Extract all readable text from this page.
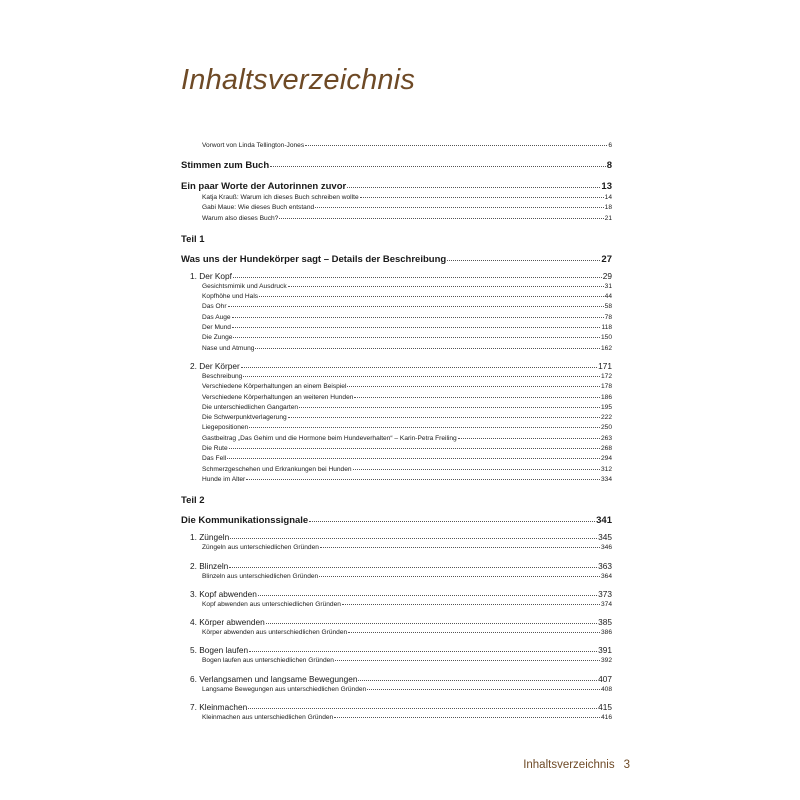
Inhaltsverzeichnis
Vorwort von Linda Tellington-Jones	6
Stimmen zum Buch	8
Ein paar Worte der Autorinnen zuvor	13
Katja Krauß: Warum ich dieses Buch schreiben wollte	14
Gabi Maue: Wie dieses Buch entstand	18
Warum also dieses Buch?	21
Teil 1
Was uns der Hundekörper sagt – Details der Beschreibung	27
1. Der Kopf	29
Gesichtsmimik und Ausdruck	31
Kopfhöhe und Hals	44
Das Ohr	58
Das Auge	78
Der Mund	118
Die Zunge	150
Nase und Atmung	162
2. Der Körper	171
Beschreibung	172
Verschiedene Körperhaltungen an einem Beispiel	178
Verschiedene Körperhaltungen an weiteren Hunden	186
Die unterschiedlichen Gangarten	195
Die Schwerpunktverlagerung	222
Liegepositionen	250
Gastbeitrag „Das Gehirn und die Hormone beim Hundeverhalten“ – Karin-Petra Freiling	263
Die Rute	268
Das Fell	294
Schmerzgeschehen und Erkrankungen bei Hunden	312
Hunde im Alter	334
Teil 2
Die Kommunikationssignale	341
1. Züngeln	345
Züngeln aus unterschiedlichen Gründen	346
2. Blinzeln	363
Blinzeln aus unterschiedlichen Gründen	364
3. Kopf abwenden	373
Kopf abwenden aus unterschiedlichen Gründen	374
4. Körper abwenden	385
Körper abwenden aus unterschiedlichen Gründen	386
5. Bogen laufen	391
Bogen laufen aus unterschiedlichen Gründen	392
6. Verlangsamen und langsame Bewegungen	407
Langsame Bewegungen aus unterschiedlichen Gründen	408
7. Kleinmachen	415
Kleinmachen aus unterschiedlichen Gründen	416
Inhaltsverzeichnis 3
